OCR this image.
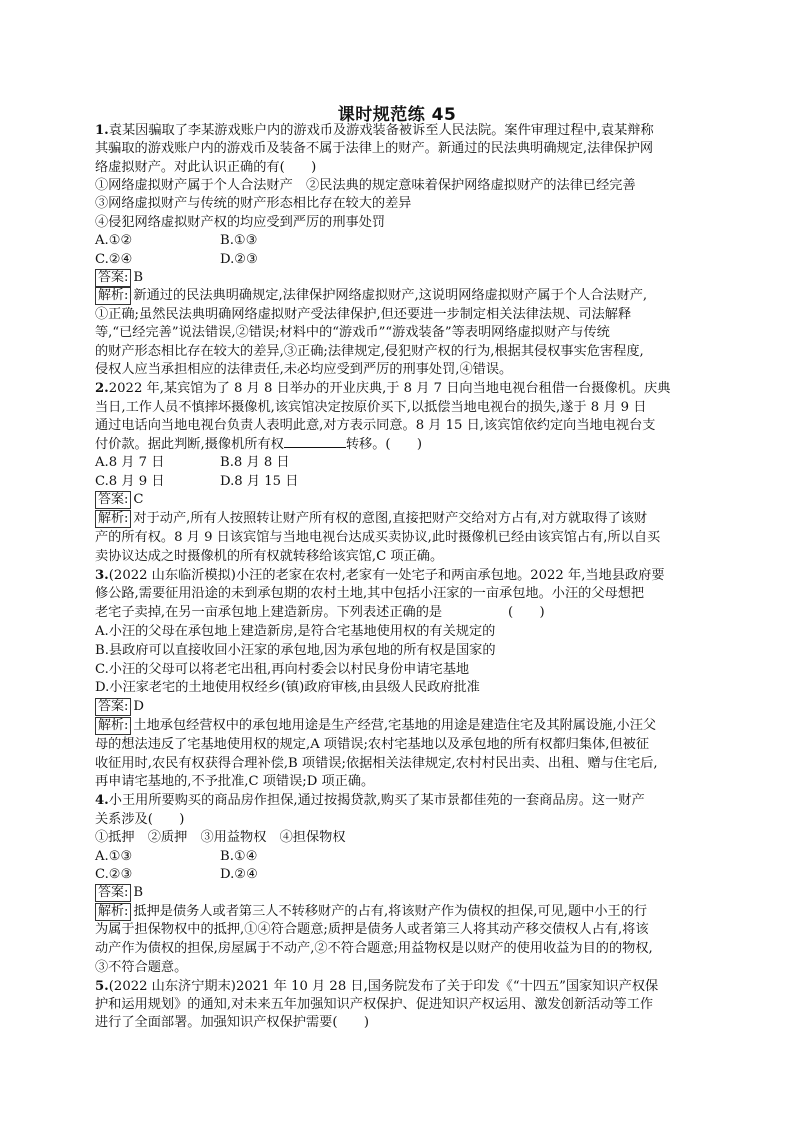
课时规范练 45
1.袁某因骗取了李某游戏账户内的游戏币及游戏装备被诉至人民法院。案件审理过程中,袁某辩称
其骗取的游戏账户内的游戏币及装备不属于法律上的财产。新通过的民法典明确规定,法律保护网
络虚拟财产。对此认识正确的有(　　)
①网络虚拟财产属于个人合法财产　②民法典的规定意味着保护网络虚拟财产的法律已经完善
③网络虚拟财产与传统的财产形态相比存在较大的差异
④侵犯网络虚拟财产权的均应受到严厉的刑事处罚
A.①②	B.①③
C.②④	D.②③
答案: B
解析: 新通过的民法典明确规定,法律保护网络虚拟财产,这说明网络虚拟财产属于个人合法财产,
①正确;虽然民法典明确网络虚拟财产受法律保护,但还要进一步制定相关法律法规、司法解释
等,“已经完善”说法错误,②错误;材料中的“游戏币”“游戏装备”等表明网络虚拟财产与传统
的财产形态相比存在较大的差异,③正确;法律规定,侵犯财产权的行为,根据其侵权事实危害程度,
侵权人应当承担相应的法律责任,未必均应受到严厉的刑事处罚,④错误。
2.2022 年,某宾馆为了 8 月 8 日举办的开业庆典,于 8 月 7 日向当地电视台租借一台摄像机。庆典
当日,工作人员不慎摔坏摄像机,该宾馆决定按原价买下,以抵偿当地电视台的损失,遂于 8 月 9 日
通过电话向当地电视台负责人表明此意,对方表示同意。8 月 15 日,该宾馆依约定向当地电视台支
付价款。据此判断,摄像机所有权	转移。(　　)
A.8 月 7 日	B.8 月 8 日
C.8 月 9 日	D.8 月 15 日
答案: C
解析: 对于动产,所有人按照转让财产所有权的意图,直接把财产交给对方占有,对方就取得了该财
产的所有权。8 月 9 日该宾馆与当地电视台达成买卖协议,此时摄像机已经由该宾馆占有,所以自买
卖协议达成之时摄像机的所有权就转移给该宾馆,C 项正确。
3.(2022 山东临沂模拟)小汪的老家在农村,老家有一处宅子和两亩承包地。2022 年,当地县政府要
修公路,需要征用沿途的未到承包期的农村土地,其中包括小汪家的一亩承包地。小汪的父母想把
老宅子卖掉,在另一亩承包地上建造新房。下列表述正确的是　　　　　(　　)
A.小汪的父母在承包地上建造新房,是符合宅基地使用权的有关规定的
B.县政府可以直接收回小汪家的承包地,因为承包地的所有权是国家的
C.小汪的父母可以将老宅出租,再向村委会以村民身份申请宅基地
D.小汪家老宅的土地使用权经乡(镇)政府审核,由县级人民政府批准
答案: D
解析: 土地承包经营权中的承包地用途是生产经营,宅基地的用途是建造住宅及其附属设施,小汪父
母的想法违反了宅基地使用权的规定,A 项错误;农村宅基地以及承包地的所有权都归集体,但被征
收征用时,农民有权获得合理补偿,B 项错误;依据相关法律规定,农村村民出卖、出租、赠与住宅后,
再申请宅基地的,不予批准,C 项错误;D 项正确。
4.小王用所要购买的商品房作担保,通过按揭贷款,购买了某市景都佳苑的一套商品房。这一财产
关系涉及(　　)
①抵押　②质押　③用益物权　④担保物权
A.①③	B.①④
C.②③	D.②④
答案: B
解析: 抵押是债务人或者第三人不转移财产的占有,将该财产作为债权的担保,可见,题中小王的行
为属于担保物权中的抵押,①④符合题意;质押是债务人或者第三人将其动产移交债权人占有,将该
动产作为债权的担保,房屋属于不动产,②不符合题意;用益物权是以财产的使用收益为目的的物权,
③不符合题意。
5.(2022 山东济宁期末)2021 年 10 月 28 日,国务院发布了关于印发《“十四五”国家知识产权保
护和运用规划》的通知,对未来五年加强知识产权保护、促进知识产权运用、激发创新活动等工作
进行了全面部署。加强知识产权保护需要(　　)
